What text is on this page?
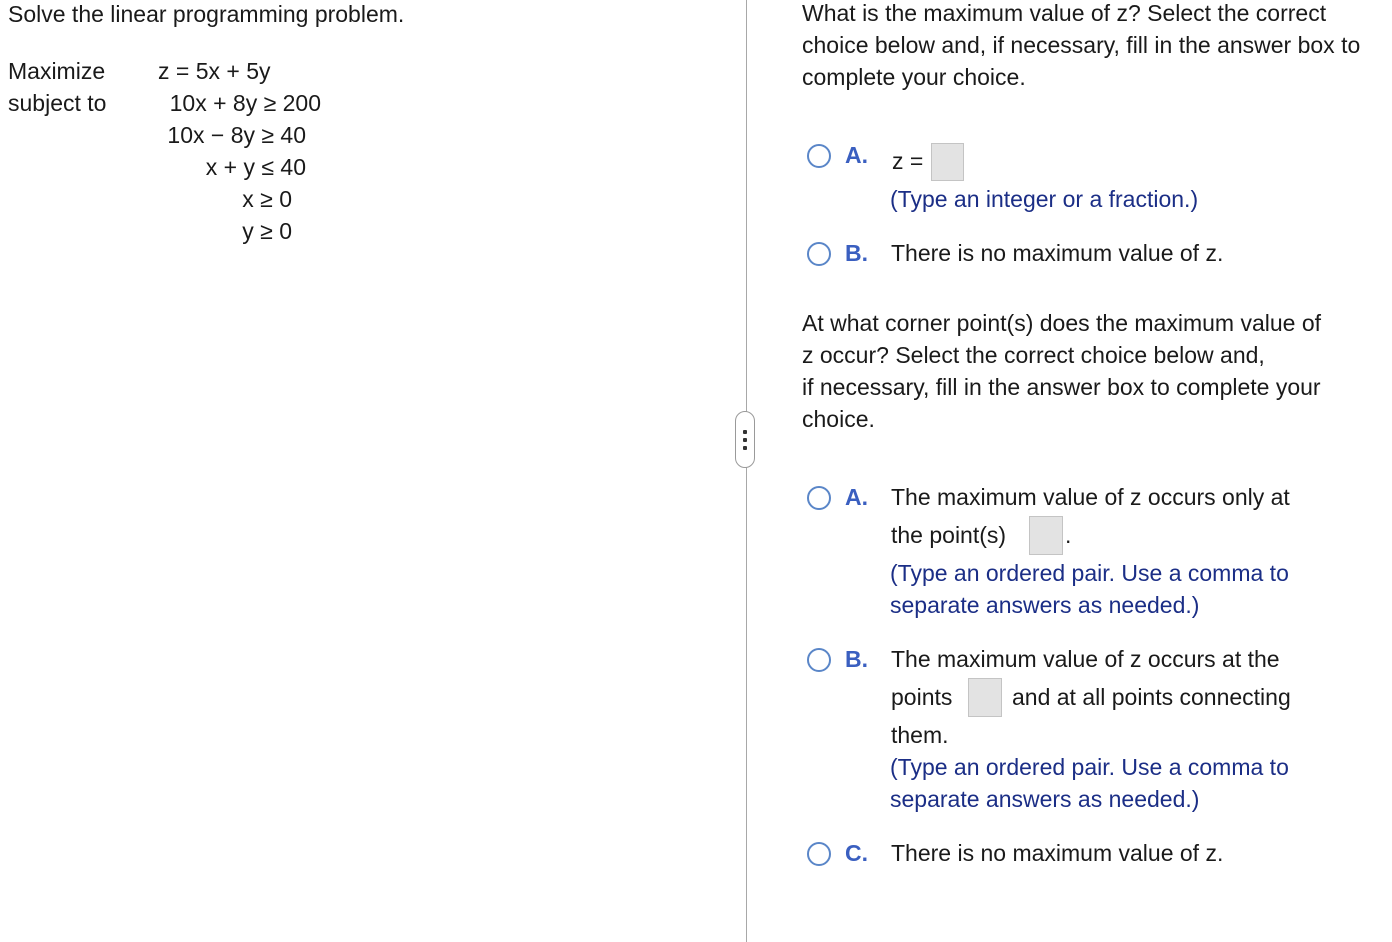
Solve the linear programming problem.
Maximize
subject to
z = 5x + 5y
10x + 8y ≥ 200
10x − 8y ≥ 40
x + y ≤ 40
x ≥ 0
y ≥ 0
What is the maximum value of z? Select the correct choice below and, if necessary, fill in the answer box to complete your choice.
A. z =
(Type an integer or a fraction.)
B. There is no maximum value of z.
At what corner point(s) does the maximum value of
z occur? Select the correct choice below and,
if necessary, fill in the answer box to complete your
choice.
A. The maximum value of z occurs only at
the point(s)	.
(Type an ordered pair. Use a comma to
separate answers as needed.)
B. The maximum value of z occurs at the
points	and at all points connecting
them.
(Type an ordered pair. Use a comma to
separate answers as needed.)
C. There is no maximum value of z.
